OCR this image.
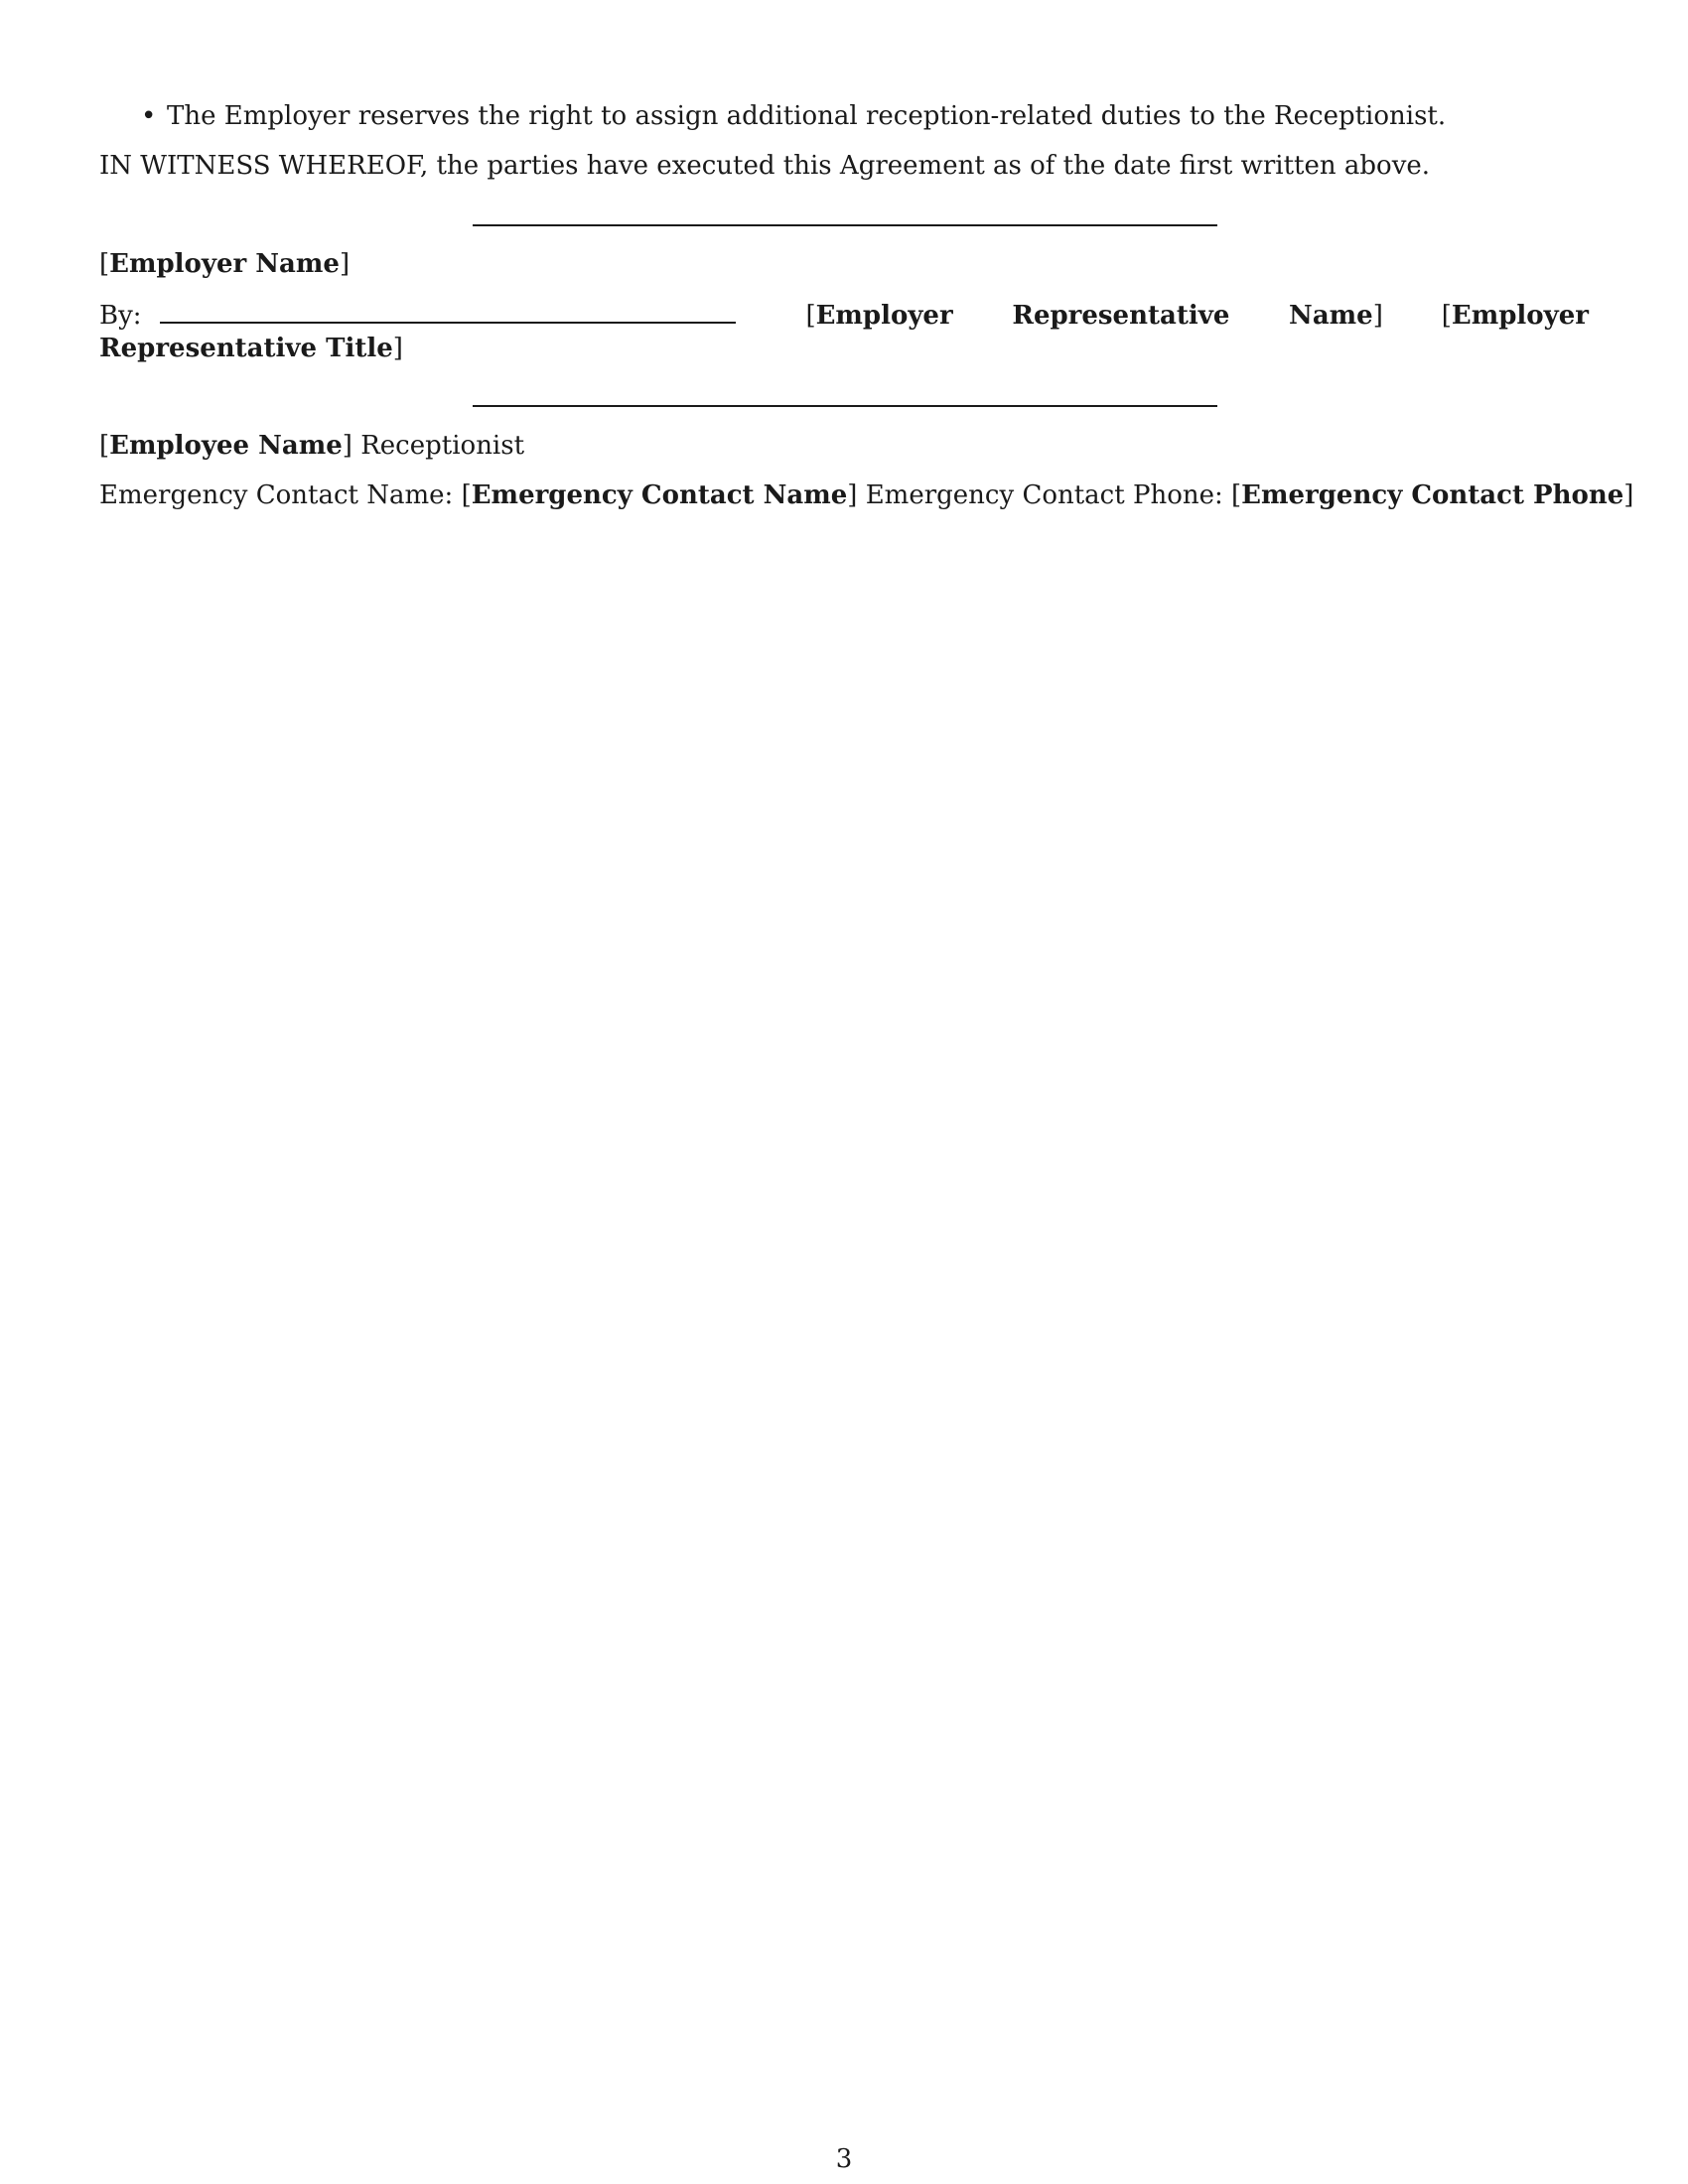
• The Employer reserves the right to assign additional reception-related duties to the Receptionist.
IN WITNESS WHEREOF, the parties have executed this Agreement as of the date first written above.
[Employer Name]
By:	[Employer Representative Name] [Employer Representative Title]
[Employee Name] Receptionist
Emergency Contact Name: [Emergency Contact Name] Emergency Contact Phone: [Emergency Contact Phone]
3
